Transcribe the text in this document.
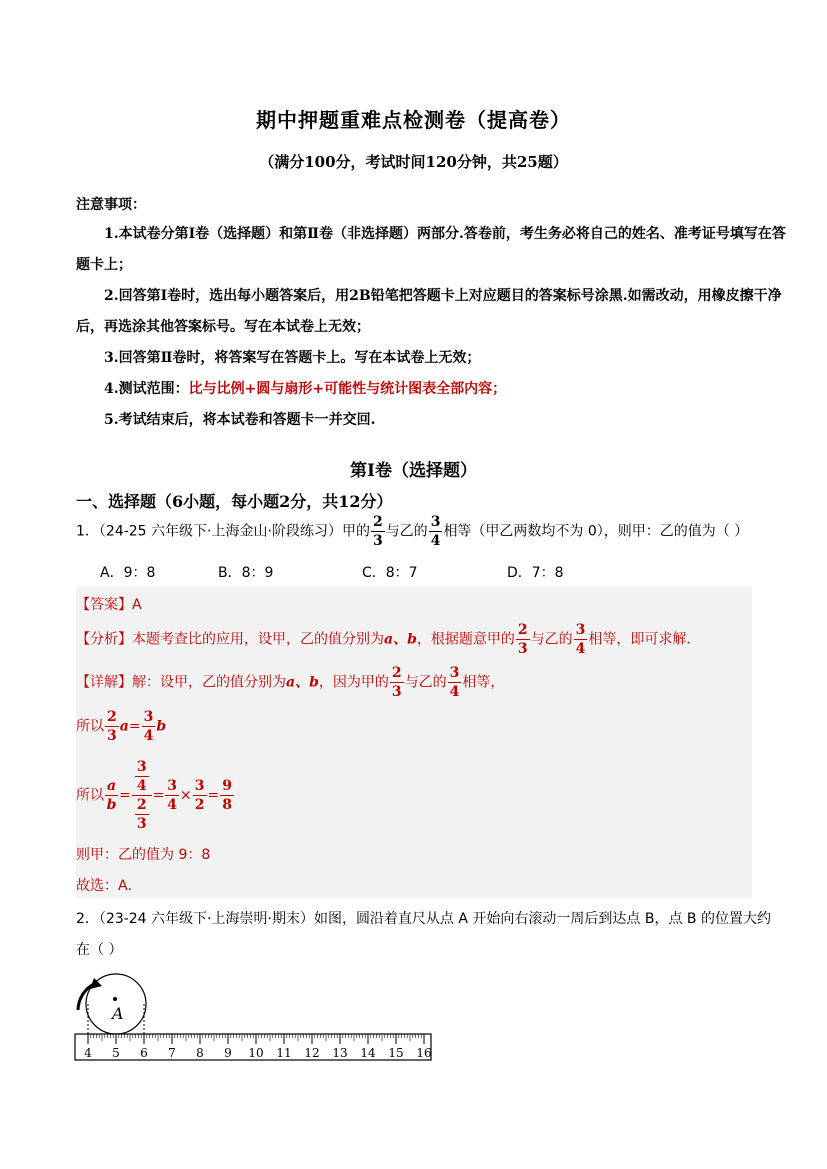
期中押题重难点检测卷（提高卷）
（满分100分，考试时间120分钟，共25题）
注意事项：
1.本试卷分第Ⅰ卷（选择题）和第Ⅱ卷（非选择题）两部分.答卷前，考生务必将自己的姓名、准考证号填写在答题卡上；
2.回答第Ⅰ卷时，选出每小题答案后，用2B铅笔把答题卡上对应题目的答案标号涂黑.如需改动，用橡皮擦干净后，再选涂其他答案标号。写在本试卷上无效；
3.回答第Ⅱ卷时，将答案写在答题卡上。写在本试卷上无效；
4.测试范围：比与比例+圆与扇形+可能性与统计图表全部内容；
5.考试结束后，将本试卷和答题卡一并交回.
第Ⅰ卷（选择题）
一、选择题（6小题，每小题2分，共12分）
1．（24-25 六年级下·上海金山·阶段练习）甲的 $\frac{2}{3}$ 与乙的 $\frac{3}{4}$ 相等（甲乙两数均不为 0），则甲：乙的值为（ ）
A．9：8	B．8：9	C．8：7	D．7：8
【答案】A
【分析】本题考查比的应用，设甲，乙的值分别为a、b，根据题意甲的 $\frac{2}{3}$ 与乙的 $\frac{3}{4}$ 相等，即可求解．
【详解】解：设甲，乙的值分别为a、b，因为甲的 $\frac{2}{3}$ 与乙的 $\frac{3}{4}$ 相等，
所以 $\frac{2}{3} a= \frac{3}{4}$ b
所以 $\frac{a}{b} = \frac{\frac{3}{4}}{\frac{2}{3}} = \frac{3}{4} \times \frac{3}{2} = \frac{9}{8}$
则甲：乙的值为 9：8
故选：A．
2．（23-24 六年级下·上海崇明·期末）如图，圆沿着直尺从点 A 开始向右滚动一周后到达点 B，点 B 的位置大约在（ ）
A
4 5 6 7 8 9 10 11 12 13 14 15 16
